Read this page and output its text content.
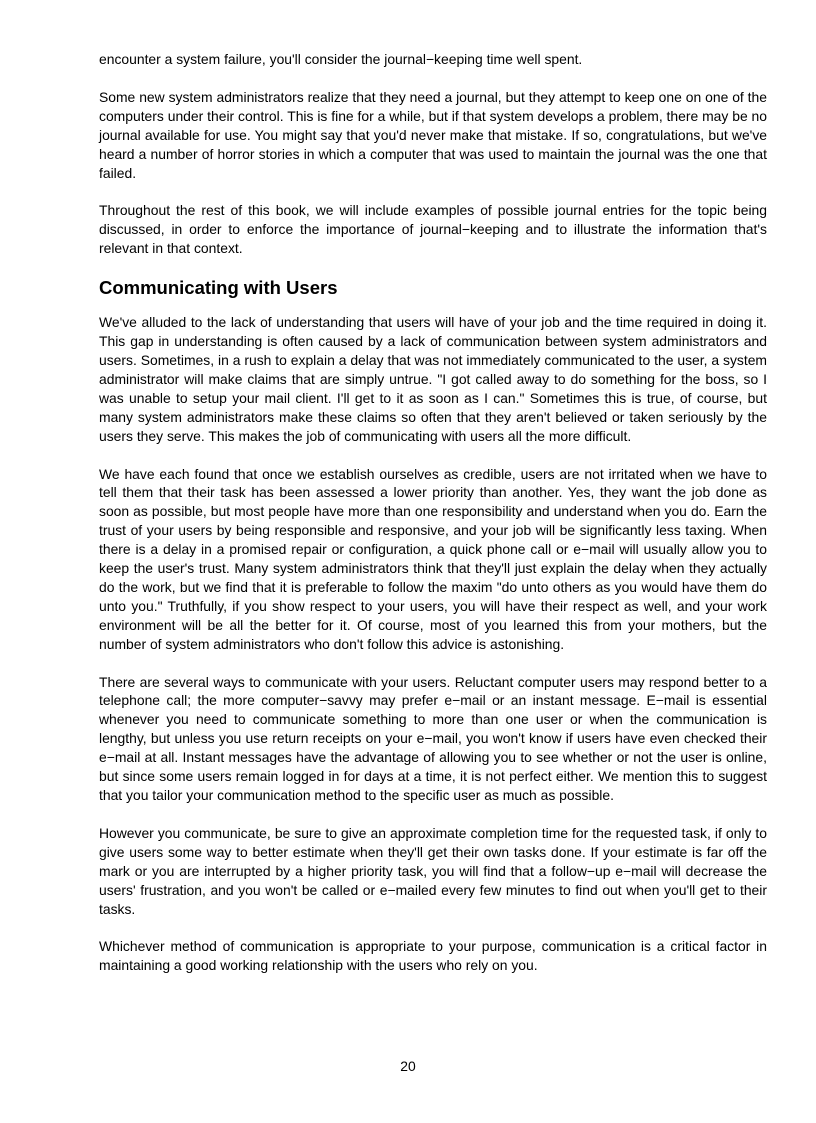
encounter a system failure, you'll consider the journal−keeping time well spent.

Some new system administrators realize that they need a journal, but they attempt to keep one on one of the computers under their control. This is fine for a while, but if that system develops a problem, there may be no journal available for use. You might say that you'd never make that mistake. If so, congratulations, but we've heard a number of horror stories in which a computer that was used to maintain the journal was the one that failed.

Throughout the rest of this book, we will include examples of possible journal entries for the topic being discussed, in order to enforce the importance of journal−keeping and to illustrate the information that's relevant in that context.

Communicating with Users

We've alluded to the lack of understanding that users will have of your job and the time required in doing it. This gap in understanding is often caused by a lack of communication between system administrators and users. Sometimes, in a rush to explain a delay that was not immediately communicated to the user, a system administrator will make claims that are simply untrue. "I got called away to do something for the boss, so I was unable to setup your mail client. I'll get to it as soon as I can." Sometimes this is true, of course, but many system administrators make these claims so often that they aren't believed or taken seriously by the users they serve. This makes the job of communicating with users all the more difficult.

We have each found that once we establish ourselves as credible, users are not irritated when we have to tell them that their task has been assessed a lower priority than another. Yes, they want the job done as soon as possible, but most people have more than one responsibility and understand when you do. Earn the trust of your users by being responsible and responsive, and your job will be significantly less taxing. When there is a delay in a promised repair or configuration, a quick phone call or e−mail will usually allow you to keep the user's trust. Many system administrators think that they'll just explain the delay when they actually do the work, but we find that it is preferable to follow the maxim "do unto others as you would have them do unto you." Truthfully, if you show respect to your users, you will have their respect as well, and your work environment will be all the better for it. Of course, most of you learned this from your mothers, but the number of system administrators who don't follow this advice is astonishing.

There are several ways to communicate with your users. Reluctant computer users may respond better to a telephone call; the more computer−savvy may prefer e−mail or an instant message. E−mail is essential whenever you need to communicate something to more than one user or when the communication is lengthy, but unless you use return receipts on your e−mail, you won't know if users have even checked their e−mail at all. Instant messages have the advantage of allowing you to see whether or not the user is online, but since some users remain logged in for days at a time, it is not perfect either. We mention this to suggest that you tailor your communication method to the specific user as much as possible.

However you communicate, be sure to give an approximate completion time for the requested task, if only to give users some way to better estimate when they'll get their own tasks done. If your estimate is far off the mark or you are interrupted by a higher priority task, you will find that a follow−up e−mail will decrease the users' frustration, and you won't be called or e−mailed every few minutes to find out when you'll get to their tasks.

Whichever method of communication is appropriate to your purpose, communication is a critical factor in maintaining a good working relationship with the users who rely on you.

20
